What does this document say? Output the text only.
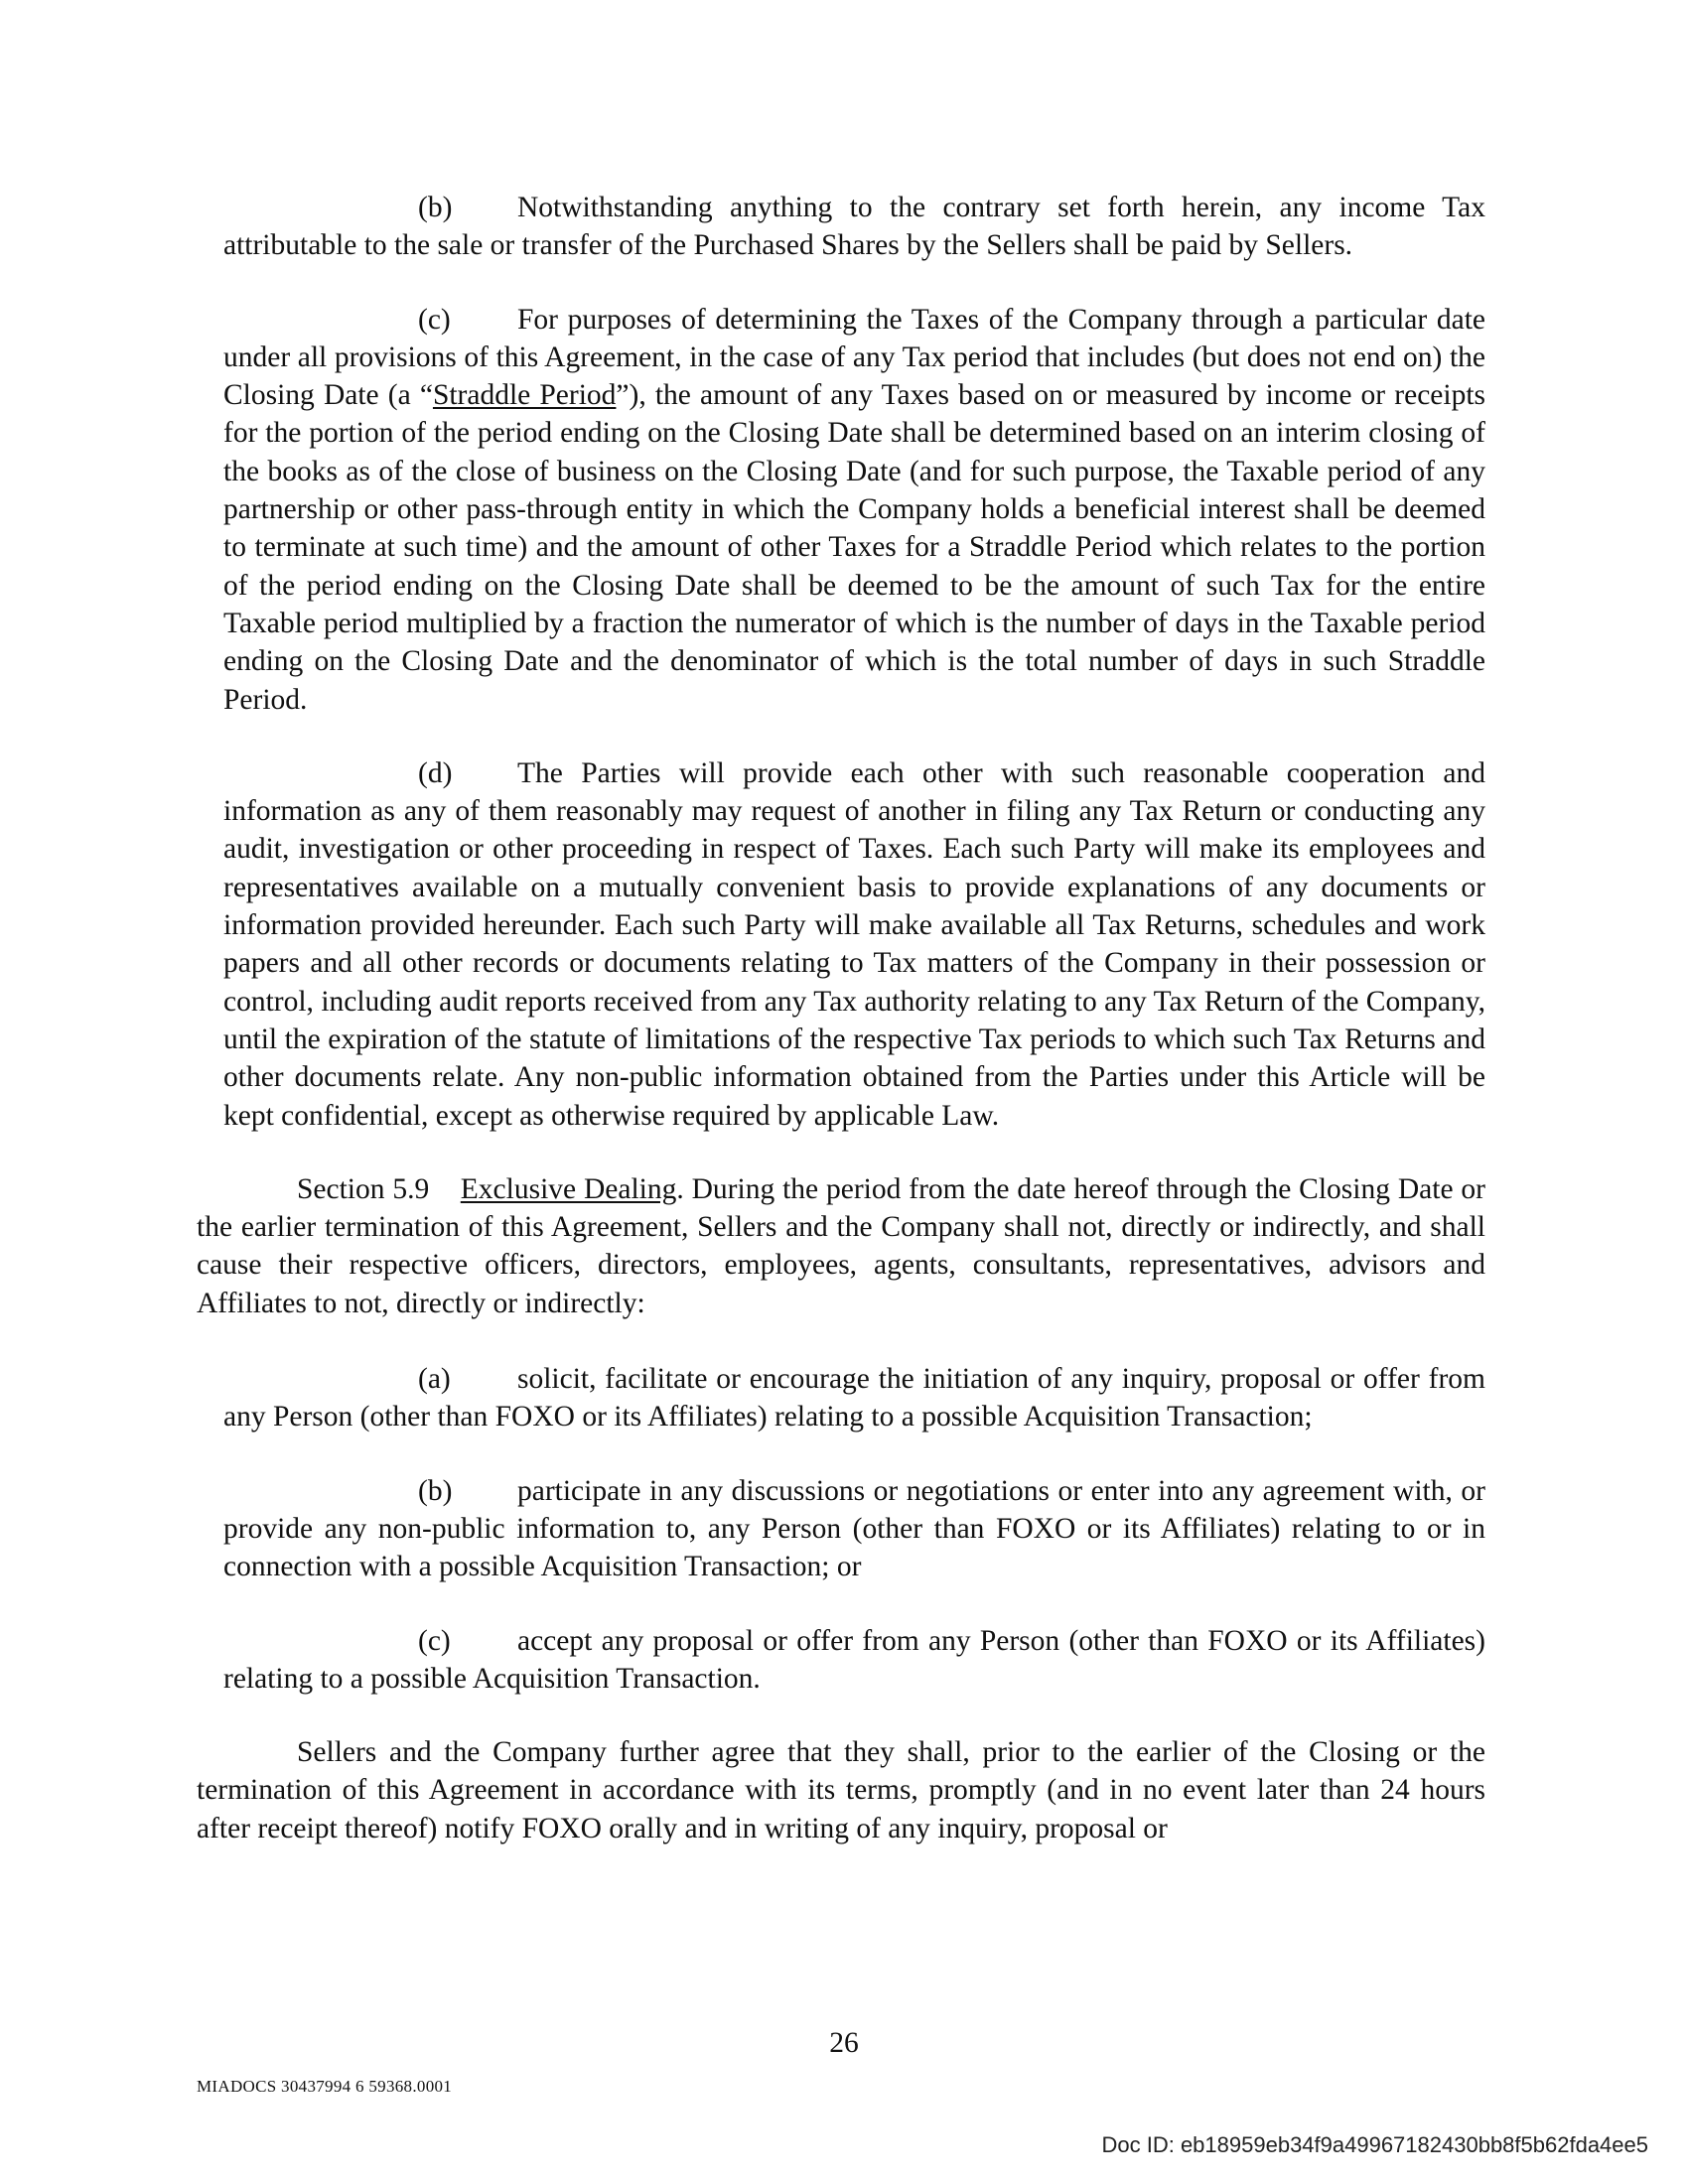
(b) Notwithstanding anything to the contrary set forth herein, any income Tax attributable to the sale or transfer of the Purchased Shares by the Sellers shall be paid by Sellers.

(c) For purposes of determining the Taxes of the Company through a particular date under all provisions of this Agreement, in the case of any Tax period that includes (but does not end on) the Closing Date (a “Straddle Period”), the amount of any Taxes based on or measured by income or receipts for the portion of the period ending on the Closing Date shall be determined based on an interim closing of the books as of the close of business on the Closing Date (and for such purpose, the Taxable period of any partnership or other pass-through entity in which the Company holds a beneficial interest shall be deemed to terminate at such time) and the amount of other Taxes for a Straddle Period which relates to the portion of the period ending on the Closing Date shall be deemed to be the amount of such Tax for the entire Taxable period multiplied by a fraction the numerator of which is the number of days in the Taxable period ending on the Closing Date and the denominator of which is the total number of days in such Straddle Period.

(d) The Parties will provide each other with such reasonable cooperation and information as any of them reasonably may request of another in filing any Tax Return or conducting any audit, investigation or other proceeding in respect of Taxes. Each such Party will make its employees and representatives available on a mutually convenient basis to provide explanations of any documents or information provided hereunder. Each such Party will make available all Tax Returns, schedules and work papers and all other records or documents relating to Tax matters of the Company in their possession or control, including audit reports received from any Tax authority relating to any Tax Return of the Company, until the expiration of the statute of limitations of the respective Tax periods to which such Tax Returns and other documents relate. Any non-public information obtained from the Parties under this Article will be kept confidential, except as otherwise required by applicable Law.

Section 5.9 Exclusive Dealing. During the period from the date hereof through the Closing Date or the earlier termination of this Agreement, Sellers and the Company shall not, directly or indirectly, and shall cause their respective officers, directors, employees, agents, consultants, representatives, advisors and Affiliates to not, directly or indirectly:

(a) solicit, facilitate or encourage the initiation of any inquiry, proposal or offer from any Person (other than FOXO or its Affiliates) relating to a possible Acquisition Transaction;

(b) participate in any discussions or negotiations or enter into any agreement with, or provide any non-public information to, any Person (other than FOXO or its Affiliates) relating to or in connection with a possible Acquisition Transaction; or

(c) accept any proposal or offer from any Person (other than FOXO or its Affiliates) relating to a possible Acquisition Transaction.

Sellers and the Company further agree that they shall, prior to the earlier of the Closing or the termination of this Agreement in accordance with its terms, promptly (and in no event later than 24 hours after receipt thereof) notify FOXO orally and in writing of any inquiry, proposal or

26
MIADOCS 30437994 6 59368.0001
Doc ID: eb18959eb34f9a49967182430bb8f5b62fda4ee5
